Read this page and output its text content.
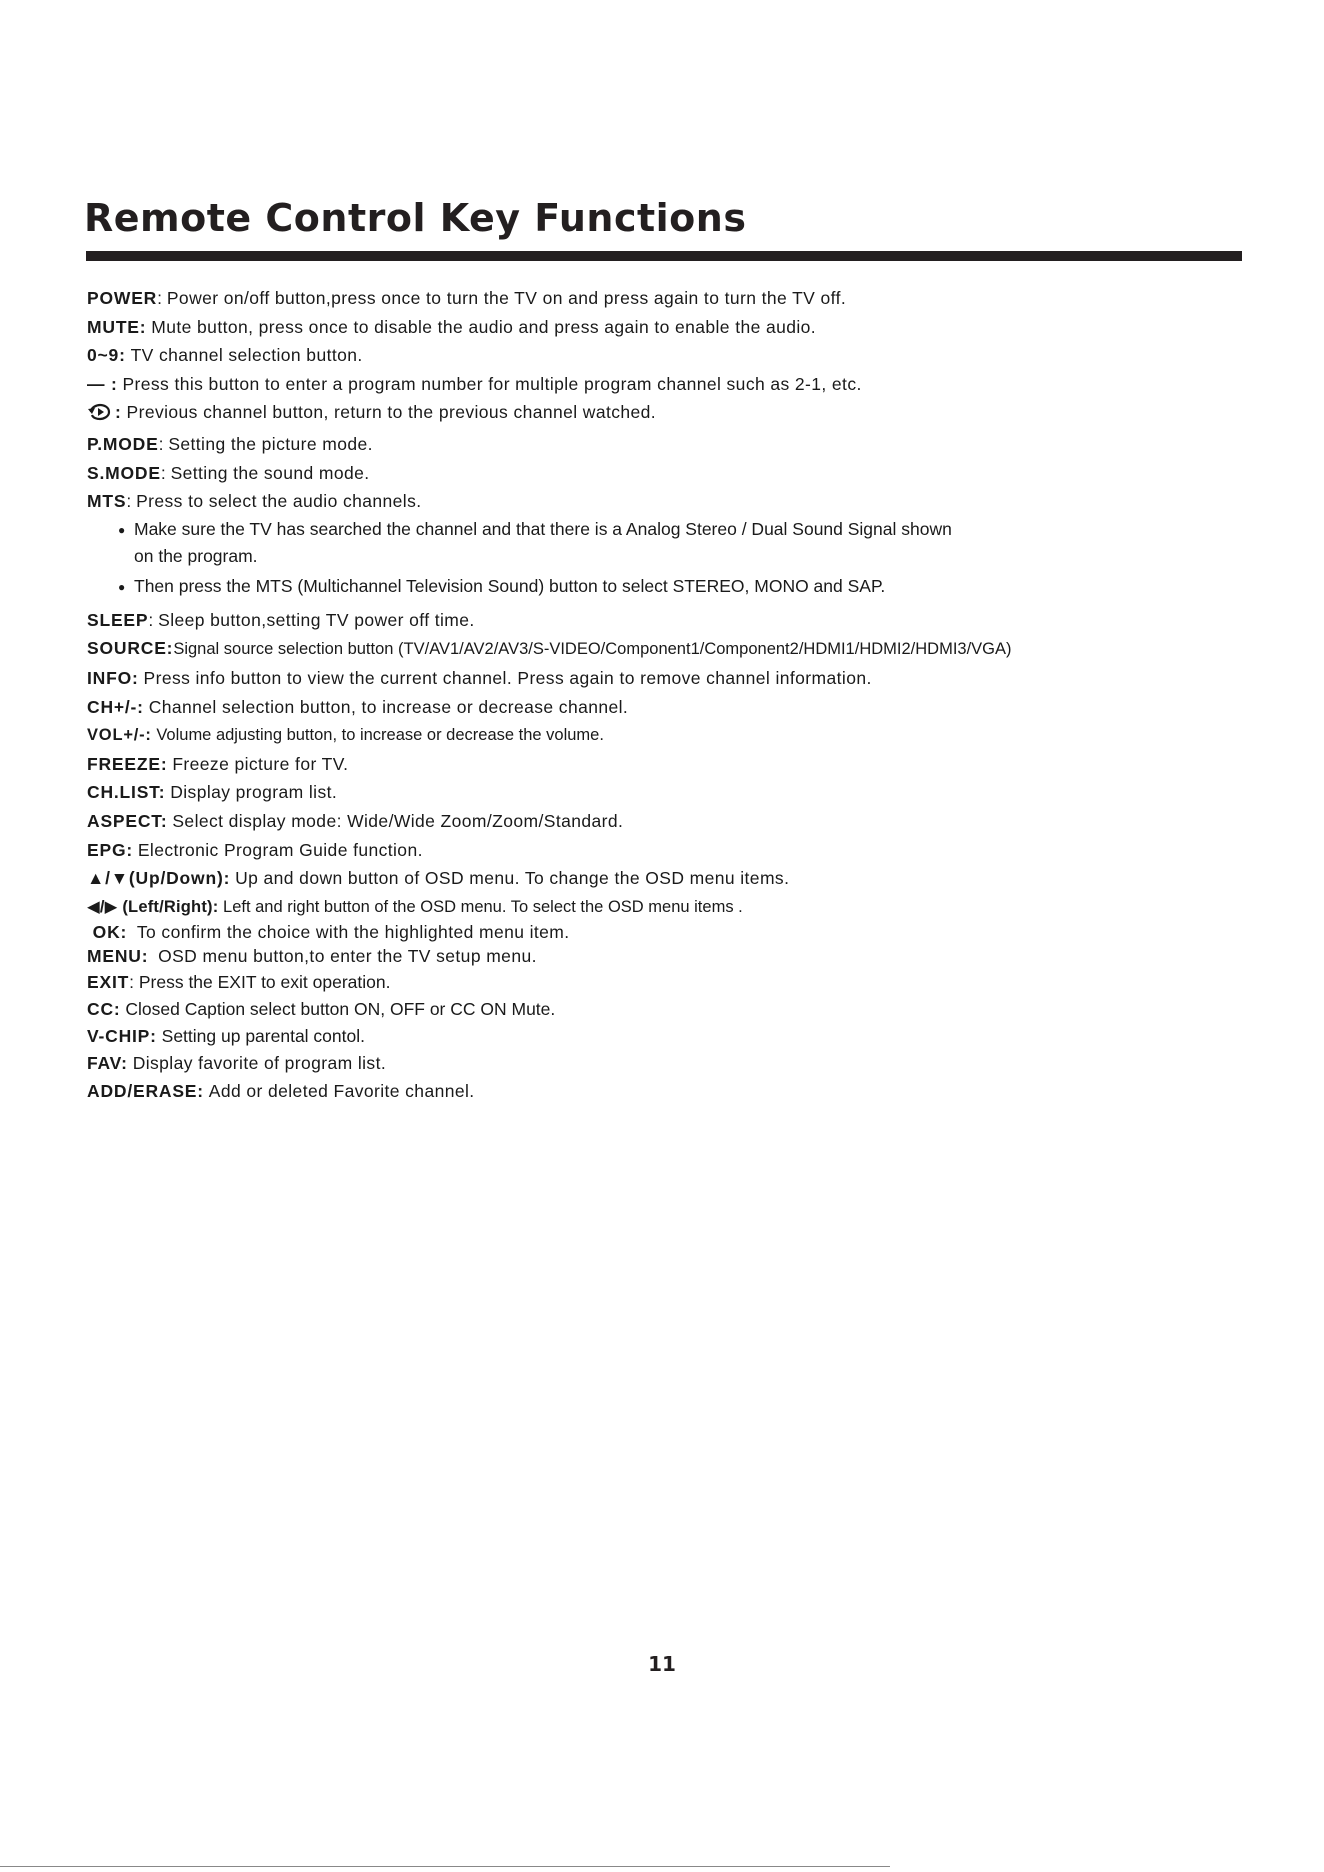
Remote Control Key Functions
POWER: Power on/off button,press once to turn the TV on and press again to turn the TV off.
MUTE: Mute button, press once to disable the audio and press again to enable the audio.
0~9: TV channel selection button.
— : Press this button to enter a program number for multiple program channel such as 2-1, etc.
: Previous channel button, return to the previous channel watched.
P.MODE: Setting the picture mode.
S.MODE: Setting the sound mode.
MTS: Press to select the audio channels.
● Make sure the TV has searched the channel and that there is a Analog Stereo / Dual Sound Signal shown
on the program.
● Then press the MTS (Multichannel Television Sound) button to select STEREO, MONO and SAP.
SLEEP: Sleep button,setting TV power off time.
SOURCE:Signal source selection button (TV/AV1/AV2/AV3/S-VIDEO/Component1/Component2/HDMI1/HDMI2/HDMI3/VGA)
INFO: Press info button to view the current channel. Press again to remove channel information.
CH+/-: Channel selection button, to increase or decrease channel.
VOL+/-: Volume adjusting button, to increase or decrease the volume.
FREEZE: Freeze picture for TV.
CH.LIST: Display program list.
ASPECT: Select display mode: Wide/Wide Zoom/Zoom/Standard.
EPG: Electronic Program Guide function.
▲/▼(Up/Down): Up and down button of OSD menu. To change the OSD menu items.
◀/▶ (Left/Right): Left and right button of the OSD menu. To select the OSD menu items .
OK: To confirm the choice with the highlighted menu item.
MENU: OSD menu button,to enter the TV setup menu.
EXIT: Press the EXIT to exit operation.
CC: Closed Caption select button ON, OFF or CC ON Mute.
V-CHIP: Setting up parental contol.
FAV: Display favorite of program list.
ADD/ERASE: Add or deleted Favorite channel.
11
